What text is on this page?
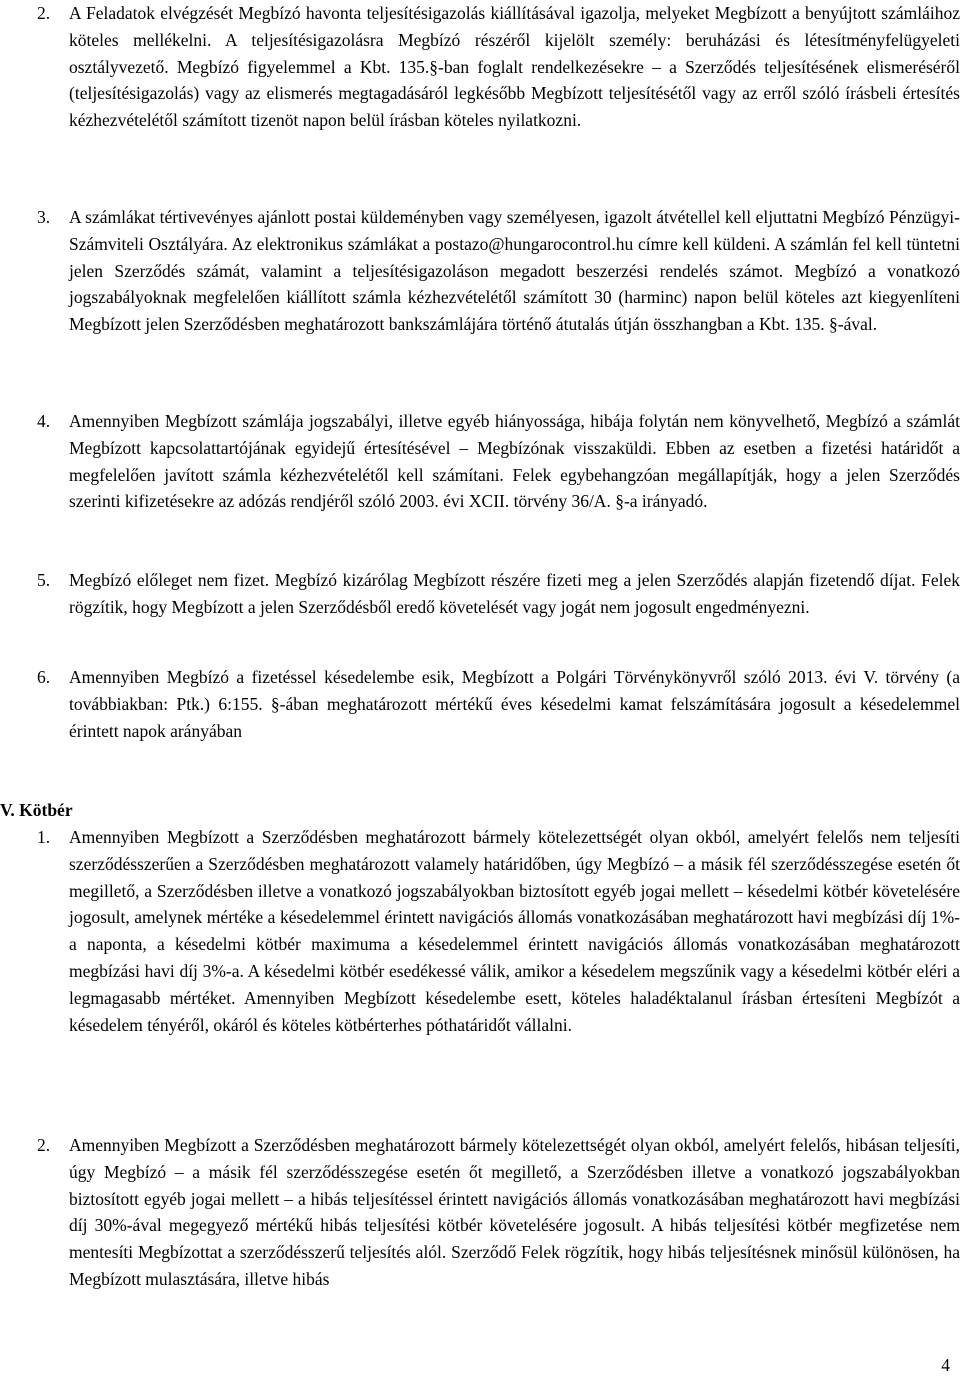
2.	A Feladatok elvégzését Megbízó havonta teljesítésigazolás kiállításával igazolja, melyeket Megbízott a benyújtott számláihoz köteles mellékelni. A teljesítésigazolásra Megbízó részéről kijelölt személy: beruházási és létesítményfelügyeleti osztályvezető. Megbízó figyelemmel a Kbt. 135.§-ban foglalt rendelkezésekre – a Szerződés teljesítésének elismeréséről (teljesítésigazolás) vagy az elismerés megtagadásáról legkésőbb Megbízott teljesítésétől vagy az erről szóló írásbeli értesítés kézhezvételétől számított tizenöt napon belül írásban köteles nyilatkozni.
3.	A számlákat tértivevényes ajánlott postai küldeményben vagy személyesen, igazolt átvétellel kell eljuttatni Megbízó Pénzügyi-Számviteli Osztályára. Az elektronikus számlákat a postazo@hungarocontrol.hu címre kell küldeni. A számlán fel kell tüntetni jelen Szerződés számát, valamint a teljesítésigazoláson megadott beszerzési rendelés számot. Megbízó a vonatkozó jogszabályoknak megfelelően kiállított számla kézhezvételétől számított 30 (harminc) napon belül köteles azt kiegyenlíteni Megbízott jelen Szerződésben meghatározott bankszámlájára történő átutalás útján összhangban a Kbt. 135. §-ával.
4.	Amennyiben Megbízott számlája jogszabályi, illetve egyéb hiányossága, hibája folytán nem könyvelhető, Megbízó a számlát Megbízott kapcsolattartójának egyidejű értesítésével – Megbízónak visszaküldi. Ebben az esetben a fizetési határidőt a megfelelően javított számla kézhezvételétől kell számítani. Felek egybehangzóan megállapítják, hogy a jelen Szerződés szerinti kifizetésekre az adózás rendjéről szóló 2003. évi XCII. törvény 36/A. §-a irányadó.
5.	Megbízó előleget nem fizet. Megbízó kizárólag Megbízott részére fizeti meg a jelen Szerződés alapján fizetendő díjat. Felek rögzítik, hogy Megbízott a jelen Szerződésből eredő követelését vagy jogát nem jogosult engedményezni.
6.	Amennyiben Megbízó a fizetéssel késedelembe esik, Megbízott a Polgári Törvénykönyvről szóló 2013. évi V. törvény (a továbbiakban: Ptk.) 6:155. §-ában meghatározott mértékű éves késedelmi kamat felszámítására jogosult a késedelemmel érintett napok arányában
V. Kötbér
1.	Amennyiben Megbízott a Szerződésben meghatározott bármely kötelezettségét olyan okból, amelyért felelős nem teljesíti szerződésszerűen a Szerződésben meghatározott valamely határidőben, úgy Megbízó – a másik fél szerződésszegése esetén őt megillető, a Szerződésben illetve a vonatkozó jogszabályokban biztosított egyéb jogai mellett – késedelmi kötbér követelésére jogosult, amelynek mértéke a késedelemmel érintett navigációs állomás vonatkozásában meghatározott havi megbízási díj 1%-a naponta, a késedelmi kötbér maximuma a késedelemmel érintett navigációs állomás vonatkozásában meghatározott megbízási havi díj 3%-a. A késedelmi kötbér esedékessé válik, amikor a késedelem megszűnik vagy a késedelmi kötbér eléri a legmagasabb mértéket. Amennyiben Megbízott késedelembe esett, köteles haladéktalanul írásban értesíteni Megbízót a késedelem tényéről, okáról és köteles kötbérterhes póthatáridőt vállalni.
2.	Amennyiben Megbízott a Szerződésben meghatározott bármely kötelezettségét olyan okból, amelyért felelős, hibásan teljesíti, úgy Megbízó – a másik fél szerződésszegése esetén őt megillető, a Szerződésben illetve a vonatkozó jogszabályokban biztosított egyéb jogai mellett – a hibás teljesítéssel érintett navigációs állomás vonatkozásában meghatározott havi megbízási díj 30%-ával megegyező mértékű hibás teljesítési kötbér követelésére jogosult. A hibás teljesítési kötbér megfizetése nem mentesíti Megbízottat a szerződésszerű teljesítés alól. Szerződő Felek rögzítik, hogy hibás teljesítésnek minősül különösen, ha Megbízott mulasztására, illetve hibás
4
